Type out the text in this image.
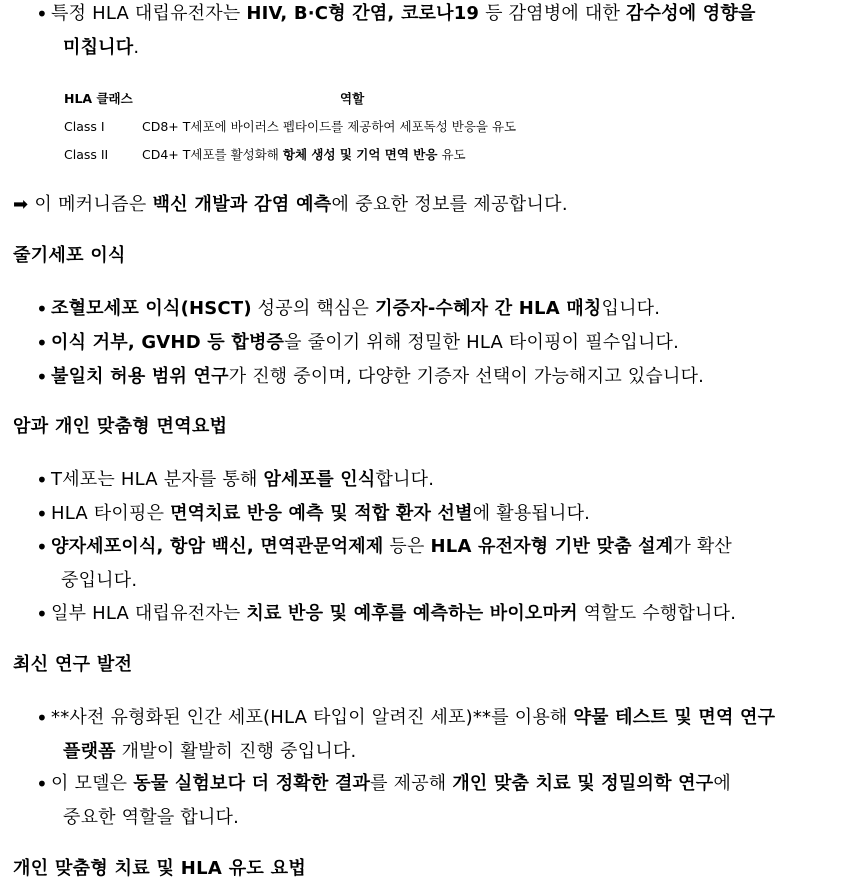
• 특정 HLA 대립유전자는 HIV, B·C형 간염, 코로나19 등 감염병에 대한 감수성에 영향을
미칩니다.
HLA 클래스	역할
Class I	CD8+ T세포에 바이러스 펩타이드를 제공하여 세포독성 반응을 유도
Class II	CD4+ T세포를 활성화해 항체 생성 및 기억 면역 반응 유도
➡ 이 메커니즘은 백신 개발과 감염 예측에 중요한 정보를 제공합니다.
줄기세포 이식
• 조혈모세포 이식(HSCT) 성공의 핵심은 기증자-수혜자 간 HLA 매칭입니다.
• 이식 거부, GVHD 등 합병증을 줄이기 위해 정밀한 HLA 타이핑이 필수입니다.
• 불일치 허용 범위 연구가 진행 중이며, 다양한 기증자 선택이 가능해지고 있습니다.
암과 개인 맞춤형 면역요법
• T세포는 HLA 분자를 통해 암세포를 인식합니다.
• HLA 타이핑은 면역치료 반응 예측 및 적합 환자 선별에 활용됩니다.
• 양자세포이식, 항암 백신, 면역관문억제제 등은 HLA 유전자형 기반 맞춤 설계가 확산
중입니다.
• 일부 HLA 대립유전자는 치료 반응 및 예후를 예측하는 바이오마커 역할도 수행합니다.
최신 연구 발전
• **사전 유형화된 인간 세포(HLA 타입이 알려진 세포)**를 이용해 약물 테스트 및 면역 연구
플랫폼 개발이 활발히 진행 중입니다.
• 이 모델은 동물 실험보다 더 정확한 결과를 제공해 개인 맞춤 치료 및 정밀의학 연구에
중요한 역할을 합니다.
개인 맞춤형 치료 및 HLA 유도 요법
